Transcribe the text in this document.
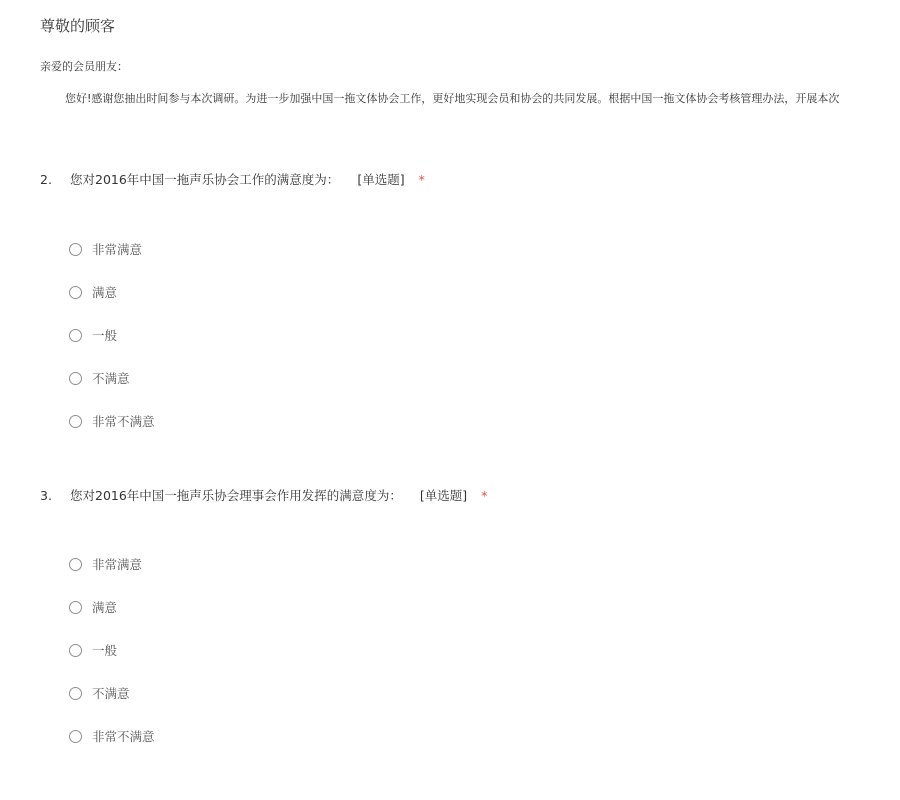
尊敬的顾客
亲爱的会员朋友：
您好!感谢您抽出时间参与本次调研。为进一步加强中国一拖文体协会工作，更好地实现会员和协会的共同发展。根据中国一拖文体协会考核管理办法，开展本次
2. 您对2016年中国一拖声乐协会工作的满意度为： [单选题] *
非常满意
满意
一般
不满意
非常不满意
3. 您对2016年中国一拖声乐协会理事会作用发挥的满意度为： [单选题] *
非常满意
满意
一般
不满意
非常不满意
